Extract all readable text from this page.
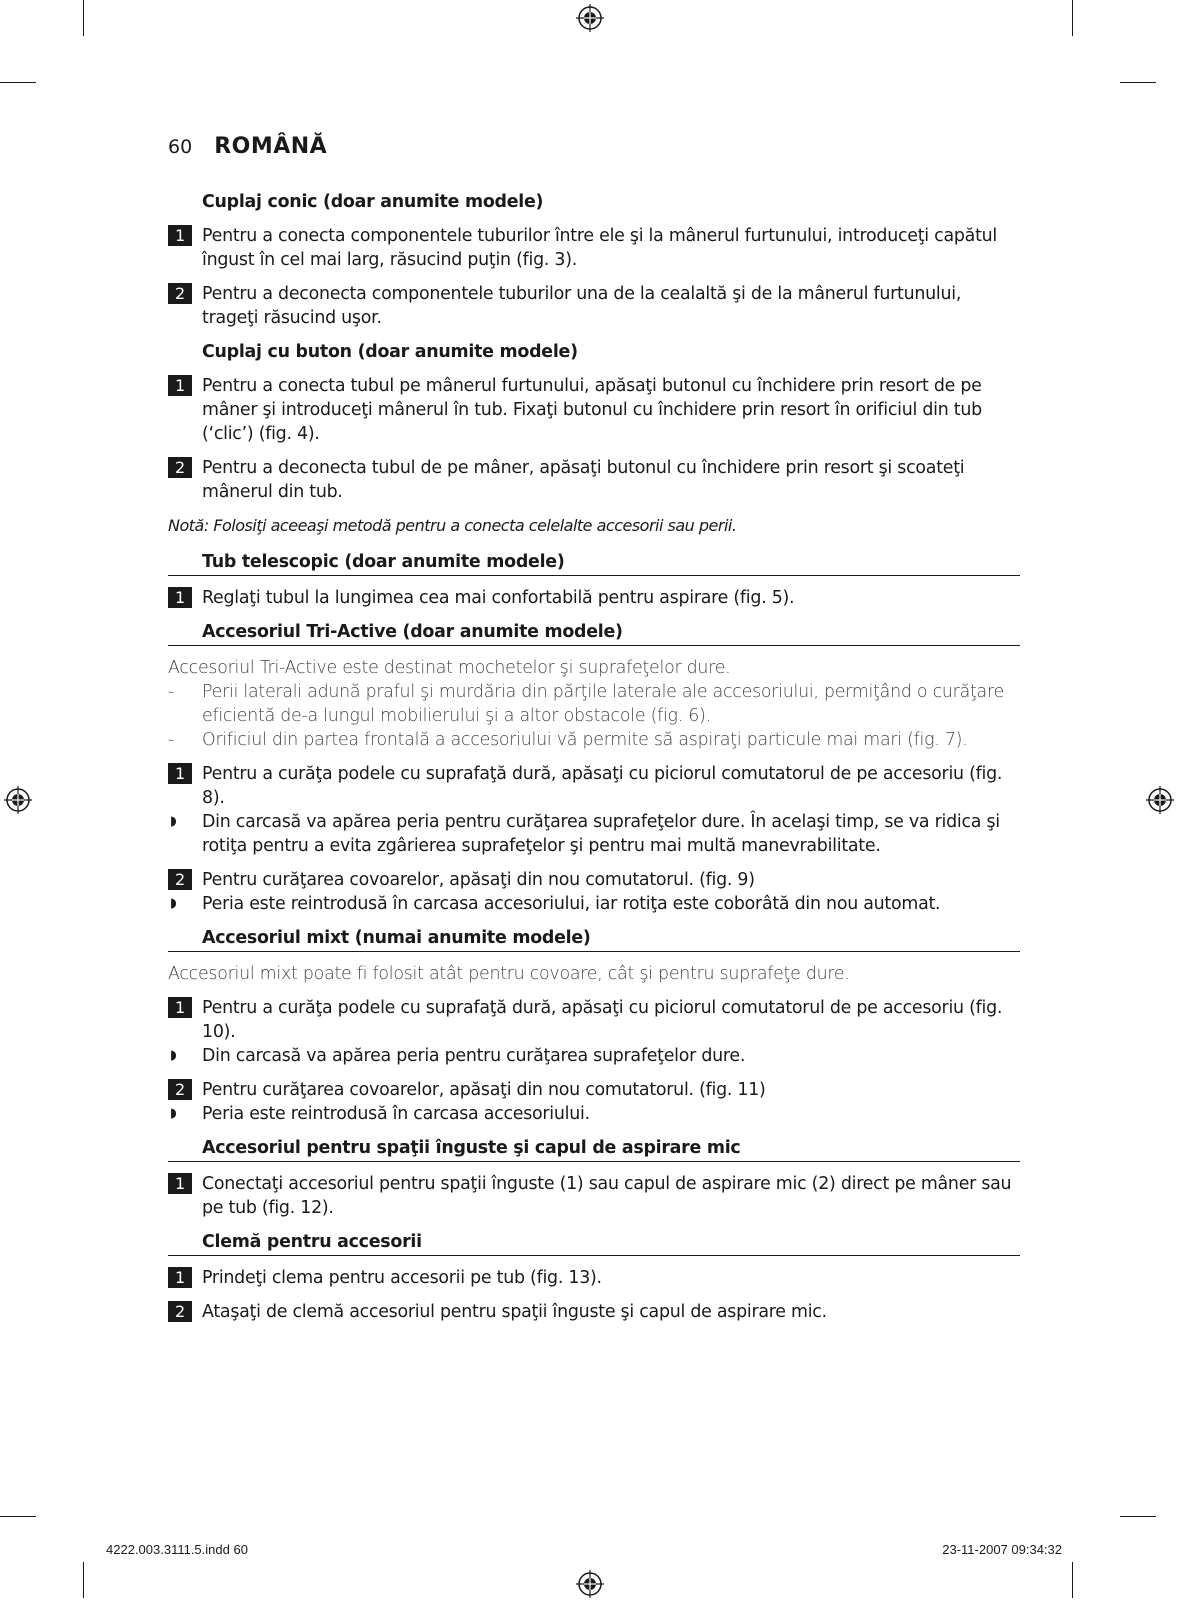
60 ROMÂNĂ
Cuplaj conic (doar anumite modele)
1 Pentru a conecta componentele tuburilor între ele şi la mânerul furtunului, introduceţi capătul îngust în cel mai larg, răsucind puţin (fig. 3).
2 Pentru a deconecta componentele tuburilor una de la cealaltă şi de la mânerul furtunului, trageţi răsucind uşor.
Cuplaj cu buton (doar anumite modele)
1 Pentru a conecta tubul pe mânerul furtunului, apăsaţi butonul cu închidere prin resort de pe mâner şi introduceţi mânerul în tub. Fixaţi butonul cu închidere prin resort în orificiul din tub (‘clic’) (fig. 4).
2 Pentru a deconecta tubul de pe mâner, apăsaţi butonul cu închidere prin resort şi scoateţi mânerul din tub.
Notă: Folosiţi aceeaşi metodă pentru a conecta celelalte accesorii sau perii.
Tub telescopic (doar anumite modele)
1 Reglaţi tubul la lungimea cea mai confortabilă pentru aspirare (fig. 5).
Accesoriul Tri-Active (doar anumite modele)

Accesoriul Tri-Active este destinat mochetelor şi suprafeţelor dure.

-	Perii laterali adună praful şi murdăria din părţile laterale ale accesoriului, permiţând o curăţare eficientă de-a lungul mobilierului şi a altor obstacole (fig. 6).
-	Orificiul din partea frontală a accesoriului vă permite să aspiraţi particule mai mari (fig. 7).
1 Pentru a curăţa podele cu suprafaţă dură, apăsaţi cu piciorul comutatorul de pe accesoriu (fig. 8).
◗	Din carcasă va apărea peria pentru curăţarea suprafeţelor dure. În acelaşi timp, se va ridica şi rotiţa pentru a evita zgârierea suprafeţelor şi pentru mai multă manevrabilitate.
2 Pentru curăţarea covoarelor, apăsaţi din nou comutatorul. (fig. 9)
◗	Peria este reintrodusă în carcasa accesoriului, iar rotiţa este coborâtă din nou automat.
Accesoriul mixt (numai anumite modele)

Accesoriul mixt poate fi folosit atât pentru covoare, cât şi pentru suprafeţe dure.

1 Pentru a curăţa podele cu suprafaţă dură, apăsaţi cu piciorul comutatorul de pe accesoriu (fig. 10).
◗	Din carcasă va apărea peria pentru curăţarea suprafeţelor dure.
2 Pentru curăţarea covoarelor, apăsaţi din nou comutatorul. (fig. 11)
◗	Peria este reintrodusă în carcasa accesoriului.
Accesoriul pentru spaţii înguste şi capul de aspirare mic
1 Conectaţi accesoriul pentru spaţii înguste (1) sau capul de aspirare mic (2) direct pe mâner sau pe tub (fig. 12).
Clemă pentru accesorii
1 Prindeţi clema pentru accesorii pe tub (fig. 13).
2 Ataşaţi de clemă accesoriul pentru spaţii înguste şi capul de aspirare mic.
4222.003.3111.5.indd 60	23-11-2007 09:34:32
